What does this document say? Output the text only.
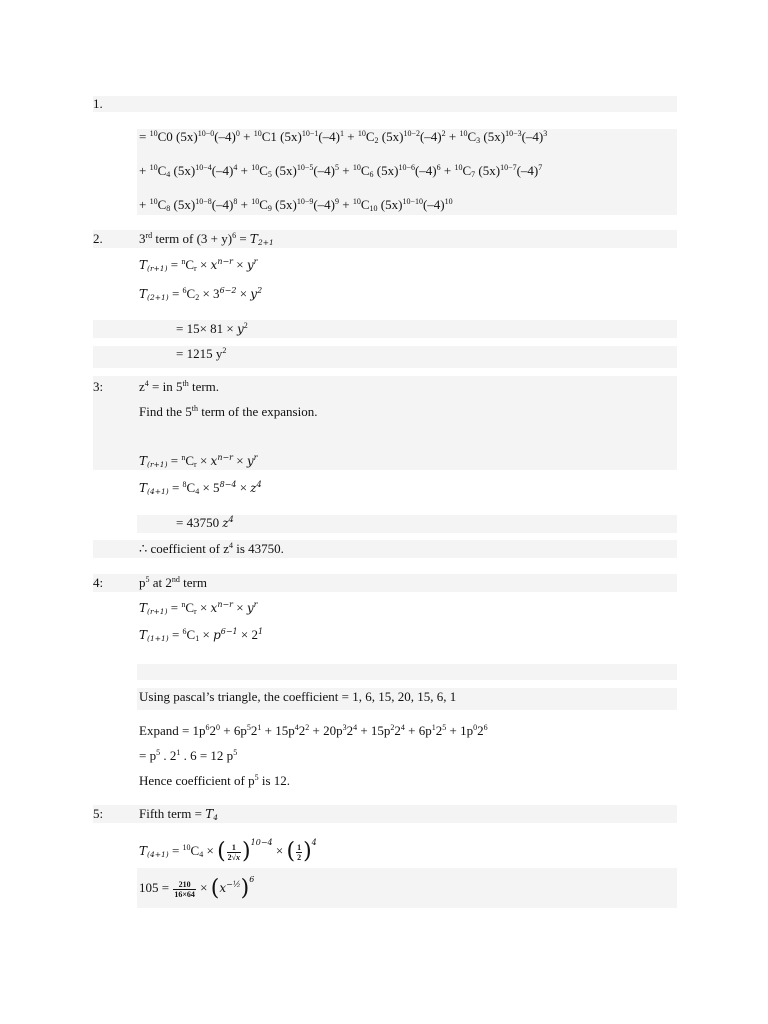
1.
= $^{10}$C0 $(5x)^{10-0}(-4)^0 + ^{10}C1$ $(5x)^{10-1}(-4)^1 + ^{10}C_2$ $(5x)^{10-2}(-4)^2 + ^{10}C_3$ $(5x)^{10-3}(-4)^3$
+ $^{10}C_4$ $(5x)^{10-4}(-4)^4 + ^{10}C_5$ $(5x)^{10-5}(-4)^5 + ^{10}C_6$ $(5x)^{10-6}(-4)^6 + ^{10}C_7$ $(5x)^{10-7}(-4)^7$
+ $^{10}C_8$ $(5x)^{10-8}(-4)^8 + ^{10}C_9$ $(5x)^{10-9}(-4)^9 + ^{10}C_{10}$ $(5x)^{10-10}(-4)^{10}$
2.	3rd term of $(3 + y)^6 = T2+1$
$T(r+1) = ^nC_r \times x^{n-r} \times y^r$
$T(2+1) = ^6C_2 \times 3^{6-2} \times y^2$
= $15\times 81 \times y^2$
= 1215 $y^2$
3:	$z^4$ = in 5th term.
Find the 5th term of the expansion.
$T(r+1) = ^nC_r \times x^{n-r} \times y^r$
$T(4+1) = ^8C_4 \times 5^{8-4} \times z^4$
= 43750 $z^4$
∴ coefficient of $z^4$ is 43750.
4:	$p^5$ at 2nd term
$T(r+1) = ^nC_r \times x^{n-r} \times y^r$
$T(1+1) = ^6C_1 \times p^{6-1} \times 2^1$
Using pascal’s triangle, the coefficient = 1, 6, 15, 20, 15, 6, 1
Expand = $1p^62^0 + 6p^52^1 + 15p^42^2 + 20p^32^4 + 15p^22^4 + 6p^12^5 + 1p^02^6$
= $p^5$ . $2^1$ . 6 = 12 $p^5$
Hence coefficient of $p^5$ is 12.
5:	Fifth term = T4
$T(4+1) = ^{10}C_4$ × ( $\frac{1}{2√x} )^{10-4}$ × ( $\frac{1}{2} )^4$
$105 = \frac{210}{16\times 64} \times (x^{-\frac{1}{2}})^6$
